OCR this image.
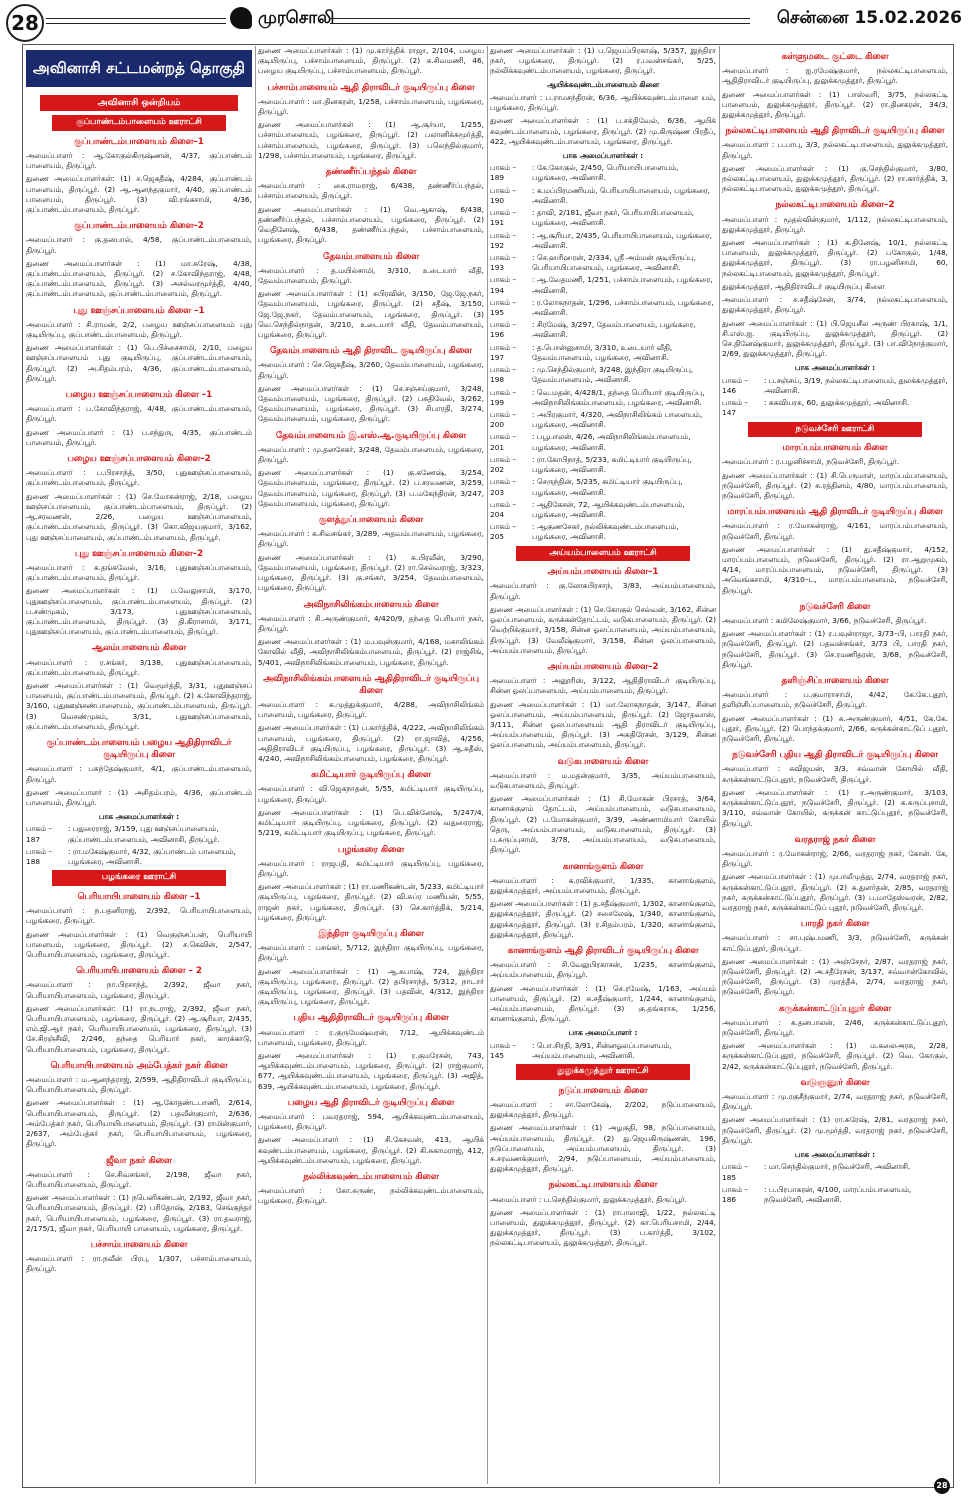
28	முரசொலி	சென்னை 15.02.2026
அவினாசி சட்டமன்றத் தொகுதி
அவினாசி ஒன்றியம்
குப்பாண்டம்பாளையம் ஊராட்சி
குப்பாண்டம்பாளையம் கிளை–1

அமைப்பாளர் : ஆ.கோகுல்கிருஷ்ணன், 4/37, குப்பாண்டம் பாளையம், திருப்பூர்.

துணை அமைப்பாளர்கள்: (1) ச.ஜெகதீஷ், 4/284, குப்பாண்டம் பாளையம், திருப்பூர். (2) ஆ.ஆனந்தகுமார், 4/40, குப்பாண்டம் பாளையம், திருப்பூர். (3) வி.ரங்கசாமி, 4/36, குப்பாண்டம்பாளையம், திருப்பூர்.

குப்பாண்டம்பாளையம் கிளை–2

அமைப்பாளர் : கு.தனபால், 4/58, குப்பாண்டம்பாளையம், திருப்பூர்.

துணை அமைப்பாளர்கள் : (1) மா.சுரேஷ், 4/38, குப்பாண்டம்பாளையம், திருப்பூர். (2) ச.கோவிந்தராஜ், 4/48, குப்பாண்டம்பாளையம், திருப்பூர். (3) அசல்வரமூர்த்தி, 4/40, குப்பாண்டம்பாளையம், குப்பாண்டம்பாளையம், திருப்பூர்.

புது ஊஞ்சப்பாளையம் கிளை –1

அமைப்பாளர் : சி.ராமன், 2/2, பழைய ஊஞ்சப்பாளையம் புது குடியிருப்பு, குப்பாண்டம்பாளையம், திருப்பூர்.

துணை அமைப்பாளர்கள் : (1) பெ.பிச்சைசாமி, 2/10, பழைய ஊஞ்சப்பாளையம் புது குடியிருப்பு, குப்பாண்டம்பாளையம், திருப்பூர். (2) அ.சிதம்பரம், 4/36, குப்பாண்டம்பாளையம், திருப்பூர்.

பழைய ஊஞ்சப்பாளையம் கிளை –1

அமைப்பாளர் : ப.கோவிந்தராஜ், 4/48, குப்பாண்டம்பாளையம், திருப்பூர்.

துணை அமைப்பாளர் : (1) ப.சந்துரு, 4/35, குப்பாண்டம் பாளையம், திருப்பூர்.

பழைய ஊஞ்சப்பாளையம் கிளை–2

அமைப்பாளர் : ப.பிரசாந்த், 3/50, புதுஊஞ்சப்பாளையம், குப்பாண்டம்பாளையம், திருப்பூர்.

துணை அமைப்பாளர்கள் : (1) செ.மோகன்ராஜ், 2/18, பழைய ஊஞ்சப்பாளையம், குப்பாண்டம்பாளையம், திருப்பூர். (2) ஆ.சரவணன், 2/26, பழைய ஊஞ்சப்பாளையம், குப்பாண்டம்பாளையம், திருப்பூர். (3) கொ.விஜயகுமார், 3/162, புது ஊஞ்சப்பாளையம், குப்பாண்டம்பாளையம், திருப்பூர்.

புது ஊஞ்சப்பாளையம் கிளை–2

அமைப்பாளர் : க.தங்கவேல், 3/16, புதுஊஞ்சப்பாளையம், குப்பாண்டம்பாளையம், திருப்பூர்.

துணை அமைப்பாளர்கள் : (1) ப.வேலுசாமி, 3/170, புதுஊஞ்சப்பாளையம், குப்பாண்டம்பாளையம், திருப்பூர். (2) ப.சண்முகம், 3/173, புதுஊஞ்சப்பாளையம், குப்பாண்டம்பாளையம், திருப்பூர். (3) தி.கிராசாமி, 3/171, புதுஊஞ்சப்பாளையம், குப்பாண்டம்பாளையம், திருப்பூர்.

ஆலம்பாளையம் கிளை

அமைப்பாளர் : ர.சங்கர், 3/138, புதுஊஞ்சப்பாளையம், குப்பாண்டம்பாளையம், திருப்பூர்.

துணை அமைப்பாளர்கள் : (1) வெமூர்த்தி, 3/31, புதுஊஞ்சப் பாளையம், குப்பாண்டம்பாளையம், திருப்பூர். (2) க.கோவிந்தராஜ், 3/160, புதுஊஞ்சண்பாளையம், குப்பாண்டம்பாளையம், திருப்பூர். (3) வெசண்முகம், 3/31, புதுஊஞ்சப்பாளையம், குப்பாண்டம்பாளையம், திருப்பூர்.

குப்பாண்டம்பாளையம் பழைய ஆதிதிராவிடர் குடியிருப்பு கிளை

அமைப்பாளர் : பசுந்தேஷ்குமார், 4/1, குப்பாண்டம்பாளையம், திருப்பூர்.

துணை அமைப்பாளர் : (1) அசிதம்பரம், 4/36, குப்பாண்டம் பாளையம், திருப்பூர்.

பாக அமைப்பாளர்கள் :
பாகம் – 187
: பதுரைராஜ், 3/159, புது ஊஞ்சப்பாளையம், குப்பாண்டம்பாளையம், அவினாசி, திருப்பூர்.
பாகம் – 188
: ரா.மகேஷ்குமார், 4/32, குப்பாண்டம் பாளையம், பழங்கரை, அவினாசி.
பழங்கரை ஊராட்சி
பெரியாயிபாளையம் கிளை –1

அமைப்பாளர் : ந.பதனிராஜ், 2/392, பெரியாயிபாளையம், பழங்கரை, திருப்பூர்.

துணை அமைப்பாளர்கள் : (1) வெகுஞ்சப்பன், பெரியாயி பாளையம், பழங்கரை, திருப்பூர். (2) ச.கெவின், 2/547, பெரியாயிபாளையம், பழங்கரை, திருப்பூர்.

பெரியாயிபாளையம் கிளை – 2

அமைப்பாளர் : நா.பிரசாந்த், 2/392, ஜீவா நகர், பெரியாயிபாளையம், பழங்கரை, திருப்பூர்.

துணை அமைப்பாளர்கள்: (1) ரா.நடராஜ், 2/392, ஜீவா நகர், பெரியாயிபாளையம், பழங்கரை, திருப்பூர். (2) ஆ.சூரியா, 2/435, எம்.ஜி.ஆர் நகர், பெரியாயிபாளையம், பழங்கரை, திருப்பூர். (3) சே.சிரஞ்சீவி, 2/246, தந்தை பெரியார் நகர், காரக்காடு, பெரியாயிபாளையம், பழங்கரை, திருப்பூர்.

பெரியாயிபாளையம் அம்பேத்கர் நகர் கிளை

அமைப்பாளர் : ம.ஆனந்தராஜ், 2/599, ஆதிதிராவிடர் குடியிருப்பு, பெரியாயிபாளையம், திருப்பூர்.

துணை அமைப்பாளர்கள் : (1) ஆ.கோதண்டபாணி, 2/614, பெரியாயிபாளையம், திருப்பூர். (2) பதவீன்குமார், 2/636, அம்பேத்கர் நகர், பெரியாயிபாளையம், திருப்பூர். (3) ராமின்குமார், 2/637, அம்பேத்கர் நகர், பெரியாயிபாளையம், பழங்கரை, திருப்பூர்.

ஜீவா நகர் கிளை

அமைப்பாளர் : செ.சிவசங்கர், 2/198, ஜீவா நகர், பெரியாயிபாளையம், திருப்பூர்.

துணை அமைப்பாளர்கள் : (1) நபெனிகண்டன், 2/192, ஜீவா நகர், பெரியாயிபாளையம், திருப்பூர். (2) பரிதோஷ், 2/183, செங்குந்தர் நகர், பெரியாயிபாளையம், பழங்கரை, திருப்பூர். (3) ரா.தவராஜ், 2/175/1, ஜீவா நகர், பெரியாயி பாளையம், பழங்கரை, திருப்பூர்.

பச்சாம்பாளையம் கிளை

அமைப்பாளர் : ரா.நவீன் பிரபு, 1/307, பச்சாம்பாளையம், திருப்பூர்.

துணை அமைப்பாளர்கள் : (1) மு.கார்த்திக் ராஜா, 2/104, பழைய குடியிருப்பு, பச்சாம்பாளையம், திருப்பூர். (2) க.சிவமணி, 46, பழைய குடியிருப்பு, பச்சாம்பாளையம், திருப்பூர்.

பச்சாம்பாளையம் ஆதி திராவிடர் குடியிருப்பு கிளை

அமைப்பாளர் : மா.தினகரன், 1/258, பச்சாம்பாளையம், பழங்கரை, திருப்பூர்.

துணை அமைப்பாளர்கள் : (1) ஆ.சூர்யா, 1/255, பச்சாம்பாளையம், பழங்கரை, திருப்பூர். (2) பலானிக்கமூர்த்தி, பச்சாம்பாளையம், பழங்கரை, திருப்பூர். (3) பலெந்தில்குமார், 1/298, பச்சாம்பாளையம், பழங்கரை, திருப்பூர்.

தண்ணீர்ப்பந்தல் கிளை

அமைப்பாளர் : கை.ராமராஜ், 6/438, தண்ணீர்ப்பந்தல், பச்சாம்பாளையம், திருப்பூர்.

துணை அமைப்பாளர்கள் : (1) வெ.ஆகாஷ், 6/438, தண்ணீர்ப்பந்தல், பச்சாம்பாளையம், பழங்கரை, திருப்பூர். (2) வெதினேஷ், 6/438, தண்ணீர்ப்பந்தல், பச்சாம்பாளையம், பழங்கரை, திருப்பூர்.

தேவம்பாளையம் கிளை

அமைப்பாளர் : த.மயில்சாமி, 3/310, உடையார் வீதி, தேவம்பாளையம், திருப்பூர்.

துணை அமைப்பாளர்கள் : (1) சுபிரவின், 3/150, ஜே.ஜே.நகர், தேவம்பாளையம், பழங்கரை, திருப்பூர். (2) சதீஷ், 3/150, ஜே.ஜே.நகர், தேவம்பாளையம், பழங்கரை, திருப்பூர். (3) வெ.செந்தில்நாதன், 3/210, உடையார் வீதி, தேவம்பாளையம், பழங்கரை, திருப்பூர்.

தேவம்பாளையம் ஆதி திராவிட குடியிருப்பு கிளை

அமைப்பாளர் : செ.ஜெகதீஷ், 3/260, தேவம்பாளையம், பழங்கரை, திருப்பூர்.

துணை அமைப்பாளர்கள் : (1) செ.சஞ்சய்குமார், 3/248, தேவம்பாளையம், பழங்கரை, திருப்பூர். (2) பகதிவேல், 3/262, தேவம்பாளையம், பழங்கரை, திருப்பூர். (3) சிபாரதி, 3/274, தேவம்பாளையம், பழங்கரை, திருப்பூர்.

தேவம்பாளையம் இ.எஸ்.ஆ.குடியிருப்பு கிளை

அமைப்பாளர் : மு.தனசேகர், 3/248, தேவம்பாளையம், பழங்கரை, திருப்பூர்.

துணை அமைப்பாளர்கள் : (1) கு.கணேஷ், 3/254, தேவம்பாளையம், பழங்கரை, திருப்பூர். (2) ப.சரவணன், 3/259, தேவம்பாளையம், பழங்கரை, திருப்பூர். (3) ப.மகேந்திரன், 3/247, தேவம்பாளையம், பழங்கரை, திருப்பூர்.

குளத்துப்பாளையம் கிளை

அமைப்பாளர் : க.சிவசங்கர், 3/289, அதவம்பாளையம், பழங்கரை, திருப்பூர்.

துணை அமைப்பாளர்கள் : (1) சு.பிரவீன், 3/290, தேவம்பாளையம், பழங்கரை, திருப்பூர். (2) ரா.செல்வராஜ், 3/323, பழங்கரை, திருப்பூர். (3) கு.சங்கர், 3/254, தேவம்பாளையம், பழங்கரை, திருப்பூர்.

அவிநாசிலிங்கம்பாளையம் கிளை

அமைப்பாளர் : சி.அருண்குமார், 4/420/9, தந்தை பெரியார் நகர், திருப்பூர்.

துணை அமைப்பாளர்கள் : (1) ம.பவுன்குமார், 4/168, மகாலிங்கம் கோவில் வீதி, அவிநாசிலிங்கம்பாளையம், திருப்பூர். (2) ராஜ்சிங், 5/401, அவிநாசிலிங்கம்பாளையம், பழங்கரை, திருப்பூர்.

அவிநாசிலிங்கம்பாளையம் ஆதிதிராவிடர் குடியிருப்பு கிளை

அமைப்பாளர் : க.முத்துக்குமார், 4/288, அவிநாசிலிங்கம் பாளையம், பழங்கரை, திருப்பூர்.

துணை அமைப்பாளர்கள் : (1) ப.கார்த்திக், 4/222, அவிநாசிலிங்கம் பாளையம், பழங்கரை, திருப்பூர். (2) ரா.ஜாவித், 4/256, அதிதிராவிடர் குடியிருப்பு, பழங்கரை, திருப்பூர். (3) ஆ.சுதீஸ், 4/240, அவிநாசிலிங்கம்பாளையம், பழங்கரை, திருப்பூர்.

கமிட்டியார் குடியிருப்பு கிளை

அமைப்பாளர் : வி.ஜெகநாதன், 5/55, கமிட்டியார் குடியிருப்பு, பழங்கரை, திருப்பூர்.

துணை அமைப்பாளர்கள் : (1) பெ.விக்னேஷ், 5/247/4, கமிட்டியார் குடியிருப்பு, பழங்கரை, திருப்பூர். (2) வதுரைராஜ், 5/219, கமிட்டியார் குடியிருப்பு, பழங்கரை, திருப்பூர்.

பழங்கரை கிளை

அமைப்பாளர் : ராஜபதி, கமிட்டியார் குடியிருப்பு, பழங்கரை, திருப்பூர்.

துணை அமைப்பாளர்கள் : (1) ரா.மணிகண்டன், 5/233, கமிட்டியார் குடியிருப்பு, பழங்கரை, திருப்பூர். (2) வி.சுப்ர மணியன், 5/55, ராஜன் நகர், பழங்கரை, திருப்பூர். (3) செ.கார்த்திக், 5/214, பழங்கரை, திருப்பூர்.

இந்திரா குடியிருப்பு கிளை

அமைப்பாளர் : பசங்கர், 5/712, இந்திரா குடியிருப்பு, பழங்கரை, திருப்பூர்.

துணை அமைப்பாளர்கள் : (1) ஆ.சுபாஷ், 724, இந்திரா குடியிருப்பு, பழங்கரை, திருப்பூர். (2) தபிரசாந்த், 5/312, நாடார் குடியிருப்பு, பழங்கரை, திருப்பூர். (3) பதவின், 4/312, இந்திரா குடியிருப்பு, பழங்கரை, திருப்பூர்.

புதிய ஆதிதிராவிடர் குடியிருப்பு கிளை

அமைப்பாளர் : ர.குருமேஷ்வரன், 7/12, ஆயிக்கவுண்டம் பாளையம், பழங்கரை, திருப்பூர்.

துணை அமைப்பாளர்கள் : (1) ர.குமரேசன், 743, ஆயிக்கவுண்டம்பாளையம், பழங்கரை, திருப்பூர். (2) ராஜ்குமார், 677, ஆயிக்கவுண்டம்பாளையம், பழங்கரை, திருப்பூர். (3) அஜித், 639, ஆயிக்கவுண்டம்பாளையம், பழங்கரை, திருப்பூர்.

பழைய ஆதி திராவிடர் குடியிருப்பு கிளை

அமைப்பாளர் : பவரதராஜ், 594, ஆயிக்கவுண்டம்பாளையம், பழங்கரை, திருப்பூர்.

துணை அமைப்பாளர் : (1) சி.கேசவன், 413, ஆயிக் கவுண்டம்பாளையம், பழங்கரை, திருப்பூர். (2) கி.சுகாமராஜ், 412, ஆயிக்கவுண்டம்பாளையம், பழங்கரை, திருப்பூர்.

நல்லிக்கவுண்டம்பாளையம் கிளை

அமைப்பாளர் : கோ.சுருண், நல்லிக்கவுண்டம்பாளையம், பழங்கரை, திருப்பூர்.

துணை அமைப்பாளர்கள் : (1) ப.ஜெயப்பிரகாஷ், 5/357, இந்திரா நகர், பழங்கரை, திருப்பூர். (2) ர.பவன்சங்கர், 5/25, நல்லிக்கவுண்டம்பாளையம், பழங்கரை, திருப்பூர்.

ஆயிக்கவுண்டம்பாளையம் கிளை

அமைப்பாளர் : ப.ராமசந்திரன், 6/36, ஆயிக்கவுண்டம்பாளை யம், பழங்கரை, திருப்பூர்.

துணை அமைப்பாளர்கள் : (1) ப.சக்திவேல், 6/36, ஆயிக் கவுண்டம்பாளையம், பழங்கரை, திருப்பூர். (2) மு.கிருஷ்ண பிரதீப், 422, ஆயிக்கவுண்டம்பாளையம், பழங்கரை, திருப்பூர்.

பாக அமைப்பாளர்கள் :
பாகம் – 189
: கே.கோகுல், 2/450, பெரியாயிபாளையம், பழங்கரை, அவினாசி.
பாகம் – 190
: க.மப்பிரமணியம், பெரியாயிபாளையம், பழங்கரை, அவினாசி.
பாகம் – 191
: தாவி, 2/181, ஜீவா நகர், பெரியாயிபாளையம், பழங்கரை, அவினாசி.
பாகம் – 192
: ஆ.சூரியா, 2/435, பெரியாயிபாளையம், பழங்கரை, அவினாசி.
பாகம் – 193
: செ.ஹரிஹரன், 2/334, ஸ்ரீ அம்மன் குடியிருப்பு, பெரியாயிபாளையம், பழங்கரை, அவினாசி.
பாகம் – 194
: ஆ.வேதமணி, 1/251, பச்சாம்பாளையம், பழங்கரை, அவினாசி.
பாகம் – 195
: ர.லோகநாதன், 1/296, பச்சாம்பாளையம், பழங்கரை, அவினாசி.
பாகம் – 196
: சிரமேஷ், 3/297, தேவம்பாளையம், பழங்கரை, அவினாசி.
பாகம் – 197
: த.பொன்னுசாமி, 3/310, உடையார் வீதி, தேவம்பாளையம், பழங்கரை, அவினாசி.
பாகம் – 198
: மு.செந்தில்குமார், 3/248, இந்திரா குடியிருப்பு, தேவம்பாளையம், அவினாசி.
பாகம் – 199
: வெ.மதன், 4/428/1, தந்தை பெரியார் குடியிருப்பு, அவிநாசிலிங்கம்பாளையம், பழங்கரை, அவினாசி.
பாகம் – 200
: அபிரகுமார், 4/320, அவிநாசிலிங்கம் பாளையம், பழங்கரை, அவினாசி.
பாகம் – 201
: பபூபாலன், 4/26, அவிநாசிலிங்கம்பாளையம், பழங்கரை, அவினாசி.
பாகம் – 202
: ரா.கோபிநாத், 5/233, கமிட்டியார் குடியிருப்பு, பழங்கரை, அவினாசி.
பாகம் – 203
: செருந்தின், 5/235, கமிட்டியார் குடியிருப்பு, பழங்கரை, அவினாசி.
பாகம் – 204
: ஆதிகேசன், 72, ஆயிக்கவுண்டம்பாளையம், பழங்கரை, அவினாசி.
பாகம் – 205
: ஆகுணசேகர், நல்லிக்கவுண்டம்பாளையம், பழங்கரை, அவினாசி.
அய்யம்பாளையம் ஊராட்சி
அய்யம்பாளையம் கிளை–1

அமைப்பாளர் : கு.லோகபிரசாந், 3/83, அய்யம்பாளையம், திருப்பூர்.

துணை அமைப்பாளர்கள் : (1) செ.கோகுல் செல்வன், 3/162, சின்ன ஓலப்பாளையம், கருக்கன்தோட்டம், வடுகபாளையம், திருப்பூர். (2) வெற்றிக்குமார், 3/158, சின்ன ஓலப்பாளையம், அய்யம்பாளையம், திருப்பூர். (3) வேலீஷ்குமார், 3/158, சின்ன ஓலப்பாளையம், அய்யம்பாளையம், திருப்பூர்.

அய்யம்பாளையம் கிளை–2

அமைப்பாளர் : அனூரிஸ், 3/122, ஆதிதிராவிடர் குடியிருப்பு, சின்ன ஓலப்பாளையம், அய்யம்பாளையம், திருப்பூர்.

துணை அமைப்பாளர்கள் : (1) மா.லோகநாதன், 3/147, சின்ன ஓலப்பாளையம், அய்யம்பாளையம், திருப்பூர். (2) ஜோதவாஸ், 3/111, சின்ன ஓலப்பாளையம் ஆதி திராவிடர் குடியிருப்பு, அய்யம்பாளையம், திருப்பூர். (3) அகதிரேசன், 3/129, சின்ன ஓலப்பாளையம், அய்யம்பாளையம், திருப்பூர்.

வடுகபாளையம் கிளை

அமைப்பாளர் : ம.மதன்குமார், 3/35, அய்யம்பாளையம், வடுகபாளையம், திருப்பூர்.

துணை அமைப்பாளர்கள் : (1) சி.மோகன் பிரசாத், 3/64, கானாக்குளம் தோட்டம், அய்யம்பாளையம், வடுகபாளையம், திருப்பூர். (2) ப.மோகன்குமார், 3/39, அண்ணாமியார் கோயில் தெரு, அய்யம்பாளையம், வடுகபாளையம், திருப்பூர். (3) ப.சுருப்புசாமி, 3/78, அய்யம்பாளையம், வடுகபாளையம், திருப்பூர்.

கானாங்குளம் கிளை

அமைப்பாளர் : க.ரவிக்குமார், 1/335, கானாங்குளம், துலுக்கமுத்தூர், அய்யம்பாளையம், திருப்பூர்.

துணை அமைப்பாளர்கள் : (1) த.சதீஷ்குமார், 1/302, கானாங்குளம், துலுக்கமுத்தூர், திருப்பூர். (2) சசைலேஷ், 1/340, கானாங்குளம், துலுக்கமுத்தூர், திருப்பூர். (3) ர.சிதம்பரம், 1/320, கானாங்குளம், துலுக்கமுத்தூர், திருப்பூர்.

கானாங்குளம் ஆதி திராவிடர் குடியிருப்பு கிளை

அமைப்பாளர் : சி.வேலுபிரகாசன், 1/235, கானாங்குளம், அய்யம்பாளையம், திருப்பூர்.

துணை அமைப்பாளர்கள் : (1) செ.ரமேஷ், 1/163, அய்யம் பாளையம், திருப்பூர். (2) சு.சதீஷ்குமார், 1/244, கானாங்குளம், அய்யம்பாளையம், திருப்பூர். (3) கு.தங்கராசு, 1/256, கானாங்குளம், திருப்பூர்.

பாக அமைப்பாளர் :
பாகம் – 145
: பொ.சிரதி, 3/91, சின்னஓலப்பாளையம், அய்யம்பாளையம், அவினாசி.
துலுக்கமுத்தூர் ஊராட்சி
நடுப்பாளையம் கிளை

அமைப்பாளர் : சா.லோகேஷ், 2/202, நடுப்பாளையம், துலுக்கமுத்தூர், திருப்பூர்.

துணை அமைப்பாளர்கள் : (1) அழகுதி, 98, நடுப்பாளையம், அய்யம்பாளையம், திருப்பூர். (2) து.ஜெயகிருஷ்ணன், 196, நடுப்பாளையம், அய்யம்பாளையம், திருப்பூர். (3) சு.சரவணக்குமார், 2/94, நடுப்பாளையம், அய்யம்பாளையம், துலுக்கமுத்தூர், திருப்பூர்.

நல்லகட்டிபாளையம் கிளை

அமைப்பாளர் : ப.செந்தில்குமார், துலுக்கமுத்தூர், திருப்பூர்.

துணை அமைப்பாளர்கள் : (1) ராபாலாஜி, 1/22, நல்லகட்டி பாளையம், துலுக்கமுத்தூர், திருப்பூர். (2) கா.பெரியசாமி, 2/44, துலுக்கமுத்தூர், திருப்பூர். (3) ப.கார்த்தி, 3/102, நல்லகட்டிபாளையம், துலுக்கமுத்தூர், திருப்பூர்.

கள்ளுமடை குட்டை கிளை

அமைப்பாளர் : ஐ.ரமேஷ்குமார், நல்லகட்டிபாளையம், ஆதிதிராவிடர் குடியிருப்பு, துலுக்கமுத்தூர், திருப்பூர்.

துணை அமைப்பாளர்கள் : (1) பாஸ்வரி, 3/75, நல்லகட்டி பாளையம், துலுக்கமுத்தூர், திருப்பூர். (2) ரா.தினகரன், 34/3, துலுக்கமுத்தூர், திருப்பூர்.

நல்லகட்டிபாளையம் ஆதி திராவிடர் குடியிருப்பு கிளை

அமைப்பாளர் : ப.பாபு, 3/3, நல்லகட்டிபாளையம், துலுக்கமுத்தூர், திருப்பூர்.

துணை அமைப்பாளர்கள் : (1) கு.செந்தில்குமார், 3/80, நல்லகட்டிபாளையம், துலுக்கமுத்தூர், திருப்பூர். (2) ரா.கார்த்திக், 3, நல்லகட்டிபாளையம், துலுக்கமுத்தூர், திருப்பூர்.

நல்லகட்டிபாளையம் கிளை–2

அமைப்பாளர் : மூதல்வின்குமார், 1/112, நல்லகட்டிபாளையம், துலுக்கமுத்தூர், திருப்பூர்.

துணை அமைப்பாளர்கள் : (1) க.தினேஷ், 10/1, நல்லகட்டி பாளையம், துலுக்கமுத்தூர், திருப்பூர். (2) பகோகுல், 1/48, துலுக்கமுத்தூர், திருப்பூர். (3) ரா.பழனிசாமி, 60, நல்லகட்டிபாளையம், துலுக்கமுத்தூர், திருப்பூர்.

துலுக்கமுத்தூர், ஆதிதிராவிடர் குடியிருப்பு கிளை

அமைப்பாளர் : ச.சதீஷ்சேன், 3/74, நல்லகட்டிபாளையம், துலுக்கமுத்தூர், திருப்பூர்.

துணை அமைப்பாளர்கள் : (1) பி.ஜெயசீல அருண் பிரகாஷ், 1/1, சி.எஸ்.ஐ. குடியிருப்பு, துலுக்கமுத்தூர், திருப்பூர். (2) செ.தினேஷ்குமார், துலுக்கமுத்தூர், திருப்பூர். (3) பா.விநோத்குமார், 2/69, துலுக்கமுத்தூர், திருப்பூர்.

பாக அமைப்பாளர்கள் :
பாகம் – 146
: ப.சஞ்சய், 3/19, நல்லகட்டிபாளையம், துலக்கமுத்தூர், அவினாசி.
பாகம் – 147
: சுகவியரசு, 60, துலுக்கமுத்தூர், அவினாசி.
நடுவச்சேரி ஊராட்சி
மாரப்பம்பாளையம் கிளை

அமைப்பாளர் : ர.பழனிச்சாமி, நடுவச்சேரி, திருப்பூர்.

துணை அமைப்பாளர்கள் : (1) சி.பெருமாள், மாரப்பம்பாளையம், நடுவச்சேரி, திருப்பூர். (2) சு.ரத்தினம், 4/80, மாரப்பம்பாளையம், நடுவச்சேரி, திருப்பூர்.

மாரப்பம்பாளையம் ஆதி திராவிடர் குடியிருப்பு கிளை

அமைப்பாளர் : ர.மோகன்ராஜ், 4/161, மாரப்பம்பாளையம், நடுவச்சேரி, திருப்பூர்.

துணை அமைப்பாளர்கள் : (1) து.சதீஷ்குமார், 4/152, மாரப்பம்பாளையம், நடுவச்சேரி, திருப்பூர். (2) ரா.ஆறுமுகம், 4/14, மாரப்பம்பாளையம், நடுவச்சேரி, திருப்பூர். (3) அவெங்கசாமி, 4/310–ட, மாரப்பம்பாளையம், நடுவச்சேரி, திருப்பூர்.

நடுவச்சேரி கிளை

அமைப்பாளர் : கமிலேஷ்குமார், 3/66, நடுவச்சேரி, திருப்பூர்.

துணை அமைப்பாளர்கள் : (1) ர.பவுன்ராஜா, 3/73–பி, பாரதி நகர், நடுவச்சேரி, திருப்பூர். (2) பதவன்சங்கர், 3/73 பி, பாரதி நகர், நடுவச்சேரி, திருப்பூர். (3) செ.ரமணிதரன், 3/68, நடுவச்சேரி, திருப்பூர்.

தளிஞ்சிப்பாளையம் கிளை

அமைப்பாளர் : ப.குமாராசாமி, 4/42, கே.கே.புதூர், தளிஞ்சிப்பாளையம், நடுவச்சேரி, திருப்பூர்.

துணை அமைப்பாளர்கள் : (1) க.அருண்குமார், 4/51, கே.கே. புதூர், திருப்பூர். (2) பொந்தக்குமார், 2/66, கருக்கன்காட்டுப் புதூர், நடுவச்சேரி, திருப்பூர்.

நடுவச்சேரி புதிய ஆதி திராவிடர் குடியிருப்பு கிளை

அமைப்பாளர் : சுவிஜயன், 3/3, சவ்வான் கோயில் வீதி, கருக்கன்காட்டுப்புதூர், நடுவச்சேரி, திருப்பூர்.

துணை அமைப்பாளர்கள் : (1) ர.அருண்குமார், 3/103, கருக்கன்காட்டுப்புதூர், நடுவச்சேரி, திருப்பூர். (2) க.சுருப்புசாமி, 3/110, சவ்வான் கோயில், கருக்கன் காட்டுப்புதூர், நடுவச்சேரி, திருப்பூர்.

வரதராஜ் நகர் கிளை

அமைப்பாளர் : ர.மோகன்ராஜ், 2/66, வரதராஜ் நகர், கோன். கே, திருப்பூர்.

துணை அமைப்பாளர்கள் : (1) முபாலீமுத்து, 2/74, வரதராஜ் நகர், கருக்கன்காட்டுப்புதூர், திருப்பூர். (2) சு.துளர்தன், 2/85, வரதராஜ் நகர், கருக்கன்காட்டுப்புதூர், திருப்பூர். (3) ப.மாதேஸ்வரன், 2/82, வரதராஜ் நகர், கருக்கன்காட்டுப் புதூர், நடுவச்சேரி, திருப்பூர்.

பாரதி நகர் கிளை

அமைப்பாளர் : சா.புஷ்பமணி, 3/3, நடுவச்சேரி, கருக்கன் காட்டுப்புதூர், திருப்பூர்.

துணை அமைப்பாளர்கள் : (1) அஞ்சேநர், 2/87, வரதராஜ் நகர், நடுவச்சேரி, திருப்பூர். (2) அ.சதீரேசன், 3/137, சவ்வான்கோவில், நடுவச்சேரி, திருப்பூர். (3) முரத்தீக், 2/74, வரதராஜ் நகர், நடுவச்சேரி, திருப்பூர்.

கருக்கன்காட்டுப்புதூர் கிளை

அமைப்பாளர் : க.தனபாலன், 2/46, கருக்கன்காட்டுப்புதூர், நடுவச்சேரி, திருப்பூர்.

துணை அமைப்பாளர்கள் : (1) ம.கலைஅரசு, 2/28, கருக்கன்காட்டுப்புதூர், நடுவச்சேரி, திருப்பூர். (2) வெ. கோகுல், 2/42, கருக்கன்காட்டுப்புதூர், நடுவச்சேரி, திருப்பூர்.

வடுஞனூர் கிளை

அமைப்பாளர் : மு.ரகுசீந்குமார், 2/74, வரதராஜ் நகர், நடுவச்சேரி, திருப்பூர்.

துணை அமைப்பாளர்கள் : (1) ரா.சுரேஷ், 2/81, வரதராஜ் நகர், நடுவச்சேரி, திருப்பூர். (2) மு.மூர்த்தி, வரதராஜ் நகர், நடுவச்சேரி, திருப்பூர்.

பாக அமைப்பாளர்கள் :
பாகம் – 185
: மா.செந்தில்குமார், நடுவச்சேரி, அவினாசி.
பாகம் – 186
: ப.பிரபாகரன், 4/100, மாரப்பம்பாளையம், நடுவச்சேரி, அவினாசி.
28
